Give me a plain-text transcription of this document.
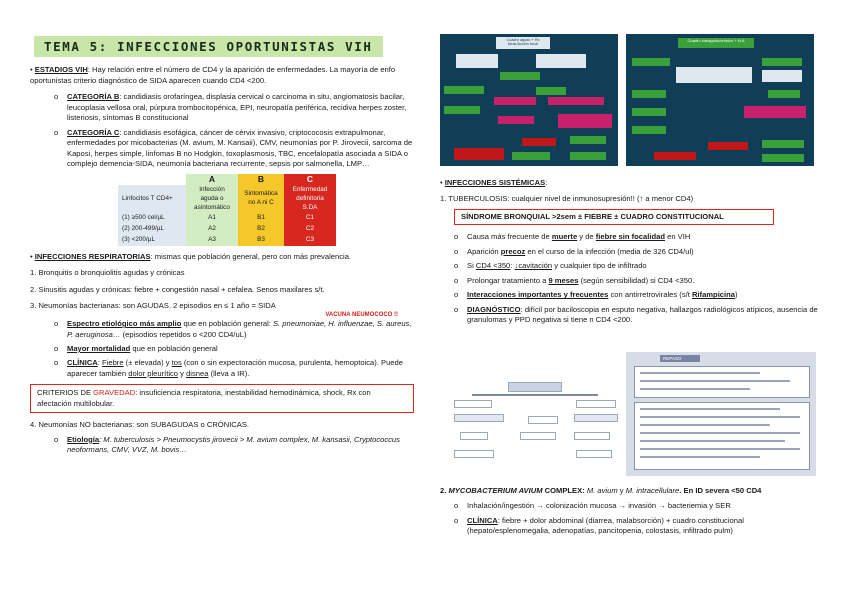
TEMA 5: INFECCIONES OPORTUNISTAS VIH

• ESTADIOS VIH: Hay relación entre el número de CD4 y la aparición de enfermedades. La mayoría de enfo oportunistas criterio diagnóstico de SIDA aparecen cuando CD4 <200.

o CATEGORÍA B: candidiasis orofaríngea, displasia cervical o carcinoma in situ, angiomatosis bacilar, leucoplasia vellosa oral, púrpura trombocitopénica, EPI, neuropatía periférica, recidiva herpes zoster, listeriosis, síntomas B constitucional
o CATEGORÍA C: candidiasis esofágica, cáncer de cérvix invasivo, criptococosis extrapulmonar, enfermedades por micobacterias (M. avium, M. Kansaii), CMV, neumonías por P. Jirovecii, sarcoma de Kaposi, herpes simple, linfomas B no Hodgkin, toxoplasmosis, TBC, encefalopatía asociada a SIDA o complejo demencia-SIDA, neumonía bacteriana recurrente, sepsis por salmonella, LMP…
	A	B	C
Linfocitos T CD4+	Infección aguda o asintomático	Sintomática no A ni C	Enfermedad definitoria S.DA
(1) ≥500 cel/µL	A1	B1	C1
(2) 200-499/µL	A2	B2	C2
(3) <200/µL	A3	B3	C3

• INFECCIONES RESPIRATORIAS: mismas que población general, pero con más prevalencia.

1. Bronquitis o bronquiolitis agudas y crónicas

2. Sinusitis agudas y crónicas: fiebre + congestión nasal + cefalea. Senos maxilares s/t.

3. Neumonías bacterianas: son AGUDAS. 2 episodios en ≤ 1 año = SIDA

VACUNA NEUMOCOCO !!
o Espectro etiológico más amplio que en población general: S. pneumoniae, H. influenzae, S. aureus, P. aeruginosa… (episodios repetidos o <200 CD4/uL)
o Mayor mortalidad que en población general
o CLÍNICA: Fiebre (± elevada) y tos (con o sin expectoración mucosa, purulenta, hemoptoica). Puede aparecer también dolor pleurítico y disnea (lleva a IR).
CRITERIOS DE GRAVEDAD: insuficiencia respiratoria, inestabilidad hemodinámica, shock, Rx con afectación multilobular.

4. Neumonías NO bacterianas: son SUBAGUDAS o CRÓNICAS.

o Etiología: M. tuberculosis > Pneumocystis jirovecii > M. avium complex, M. kansasii, Cryptococcus neoformans, CMV, VVZ, M. bovis…
Cuadro agudo + Rx tórax/Acción focal
Cuadro subagudo/crónico + N.A

• INFECCIONES SISTÉMICAS:

1. TUBERCULOSIS: cualquier nivel de inmunosupresión!! (↑ a menor CD4)

SÍNDROME BRONQUIAL >2sem ± FIEBRE ± CUADRO CONSTITUCIONAL
o Causa más frecuente de muerte y de fiebre sin focalidad en VIH
o Aparición precoz en el curso de la infección (media de 326 CD4/ul)
o Si CD4 <350: ↓cavitación y cualquier tipo de infiltrado
o Prolongar tratamiento a 9 meses (según sensibilidad) si CD4 <350.
o Interacciones importantes y frecuentes con antirretrovirales (s/t Rifampicina)
o DIAGNÓSTICO: difícil por baciloscopia en esputo negativa, hallazgos radiológicos atípicos, ausencia de granulomas y PPD negativa si tiene n CD4 <200.
REPASO

2. MYCOBACTERIUM AVIUM COMPLEX: M. avium y M. intracellulare. En ID severa <50 CD4

o Inhalación/ingestión → colonización mucosa → invasión → bacteriemia y SER
o CLÍNICA: fiebre + dolor abdominal (diarrea, malabsorción) + cuadro constitucional (hepato/esplenomegalia, adenopatías, pancitopenia, colostasis, infiltrado pulm)
